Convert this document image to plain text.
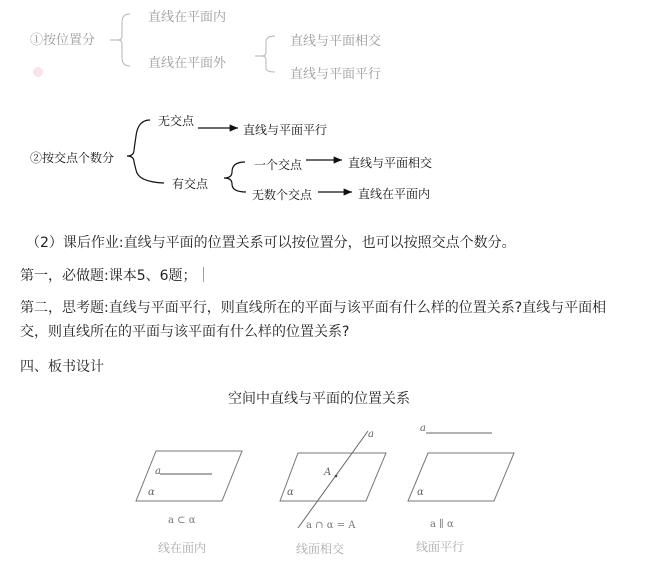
①按位置分
直线在平面内
直线在平面外
直线与平面相交
直线与平面平行
②按交点个数分
无交点
有交点
直线与平面平行
一个交点	直线与平面相交
无数个交点	直线在平面内
（2）课后作业:直线与平面的位置关系可以按位置分，也可以按照交点个数分。
第一，必做题:课本5、6题；
第二，思考题:直线与平面平行，则直线所在的平面与该平面有什么样的位置关系?直线与平面相交，则直线所在的平面与该平面有什么样的位置关系?
四、板书设计
空间中直线与平面的位置关系
a
α
a ⊂ α
线在面内
a
A
α
a ∩ α = A
线面相交
a
α
a ∥ α
线面平行
